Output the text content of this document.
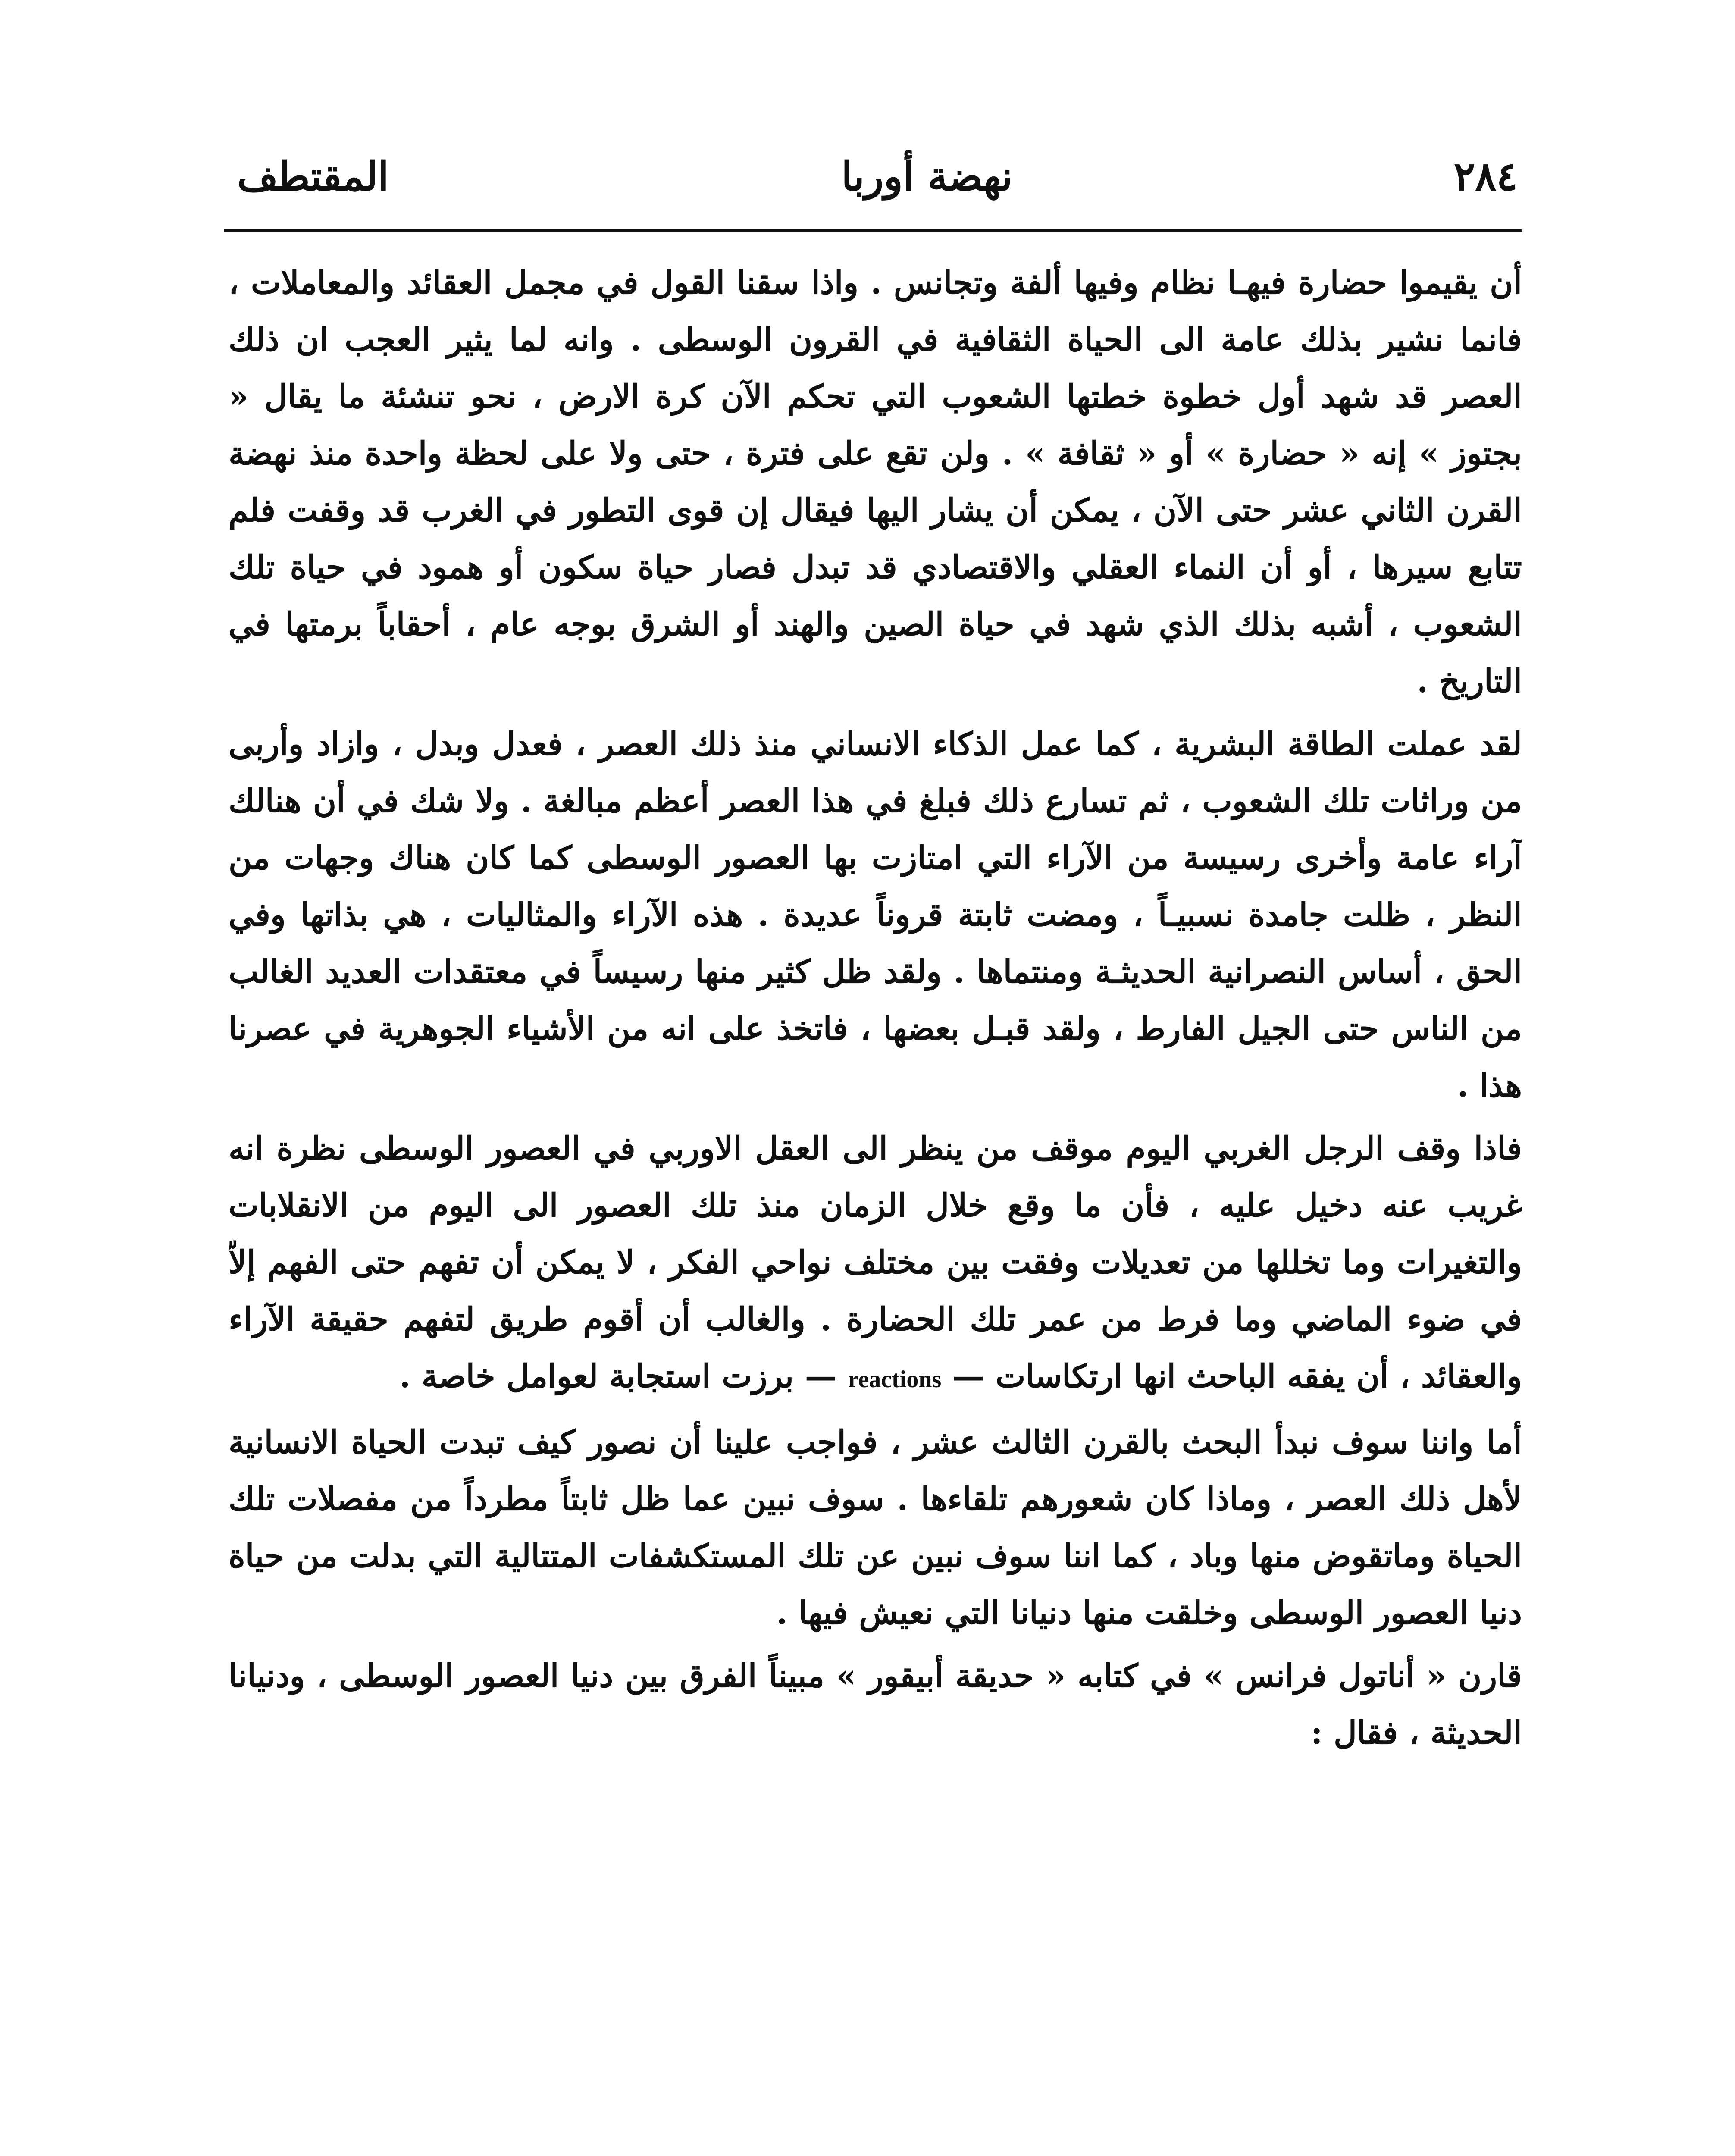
المقتطف	نهضة أوربا	٢٨٤

أن يقيموا حضارة فيهـا نظام وفيها ألفة وتجانس . واذا سقنا القول في مجمل العقائد والمعاملات ، فانما نشير بذلك عامة الى الحياة الثقافية في القرون الوسطى . وانه لما يثير العجب ان ذلك العصر قد شهد أول خطوة خطتها الشعوب التي تحكم الآن كرة الارض ، نحو تنشئة ما يقال « بجتوز » إنه « حضارة » أو « ثقافة » . ولن تقع على فترة ، حتى ولا على لحظة واحدة منذ نهضة القرن الثاني عشر حتى الآن ، يمكن أن يشار اليها فيقال إن قوى التطور في الغرب قد وقفت فلم تتابع سيرها ، أو أن النماء العقلي والاقتصادي قد تبدل فصار حياة سكون أو همود في حياة تلك الشعوب ، أشبه بذلك الذي شهد في حياة الصين والهند أو الشرق بوجه عام ، أحقاباً برمتها في التاريخ .

لقد عملت الطاقة البشرية ، كما عمل الذكاء الانساني منذ ذلك العصر ، فعدل وبدل ، وازاد وأربى من وراثات تلك الشعوب ، ثم تسارع ذلك فبلغ في هذا العصر أعظم مبالغة . ولا شك في أن هنالك آراء عامة وأخرى رسيسة من الآراء التي امتازت بها العصور الوسطى كما كان هناك وجهات من النظر ، ظلت جامدة نسبيـاً ، ومضت ثابتة قروناً عديدة . هذه الآراء والمثاليات ، هي بذاتها وفي الحق ، أساس النصرانية الحديثـة ومنتماها . ولقد ظل كثير منها رسيساً في معتقدات العديد الغالب من الناس حتى الجيل الفارط ، ولقد قبـل بعضها ، فاتخذ على انه من الأشياء الجوهرية في عصرنا هذا .

فاذا وقف الرجل الغربي اليوم موقف من ينظر الى العقل الاوربي في العصور الوسطى نظرة انه غريب عنه دخيل عليه ، فأن ما وقع خلال الزمان منذ تلك العصور الى اليوم من الانقلابات والتغيرات وما تخللها من تعديلات وفقت بين مختلف نواحي الفكر ، لا يمكن أن تفهم حتى الفهم إلاّ في ضوء الماضي وما فرط من عمر تلك الحضارة . والغالب أن أقوم طريق لتفهم حقيقة الآراء والعقائد ، أن يفقه الباحث انها ارتكاسات — reactions — برزت استجابة لعوامل خاصة .

أما واننا سوف نبدأ البحث بالقرن الثالث عشر ، فواجب علينا أن نصور كيف تبدت الحياة الانسانية لأهل ذلك العصر ، وماذا كان شعورهم تلقاءها . سوف نبين عما ظل ثابتاً مطرداً من مفصلات تلك الحياة وماتقوض منها وباد ، كما اننا سوف نبين عن تلك المستكشفات المتتالية التي بدلت من حياة دنيا العصور الوسطى وخلقت منها دنيانا التي نعيش فيها .

قارن « أناتول فرانس » في كتابه « حديقة أبيقور » مبيناً الفرق بين دنيا العصور الوسطى ، ودنيانا الحديثة ، فقال :
